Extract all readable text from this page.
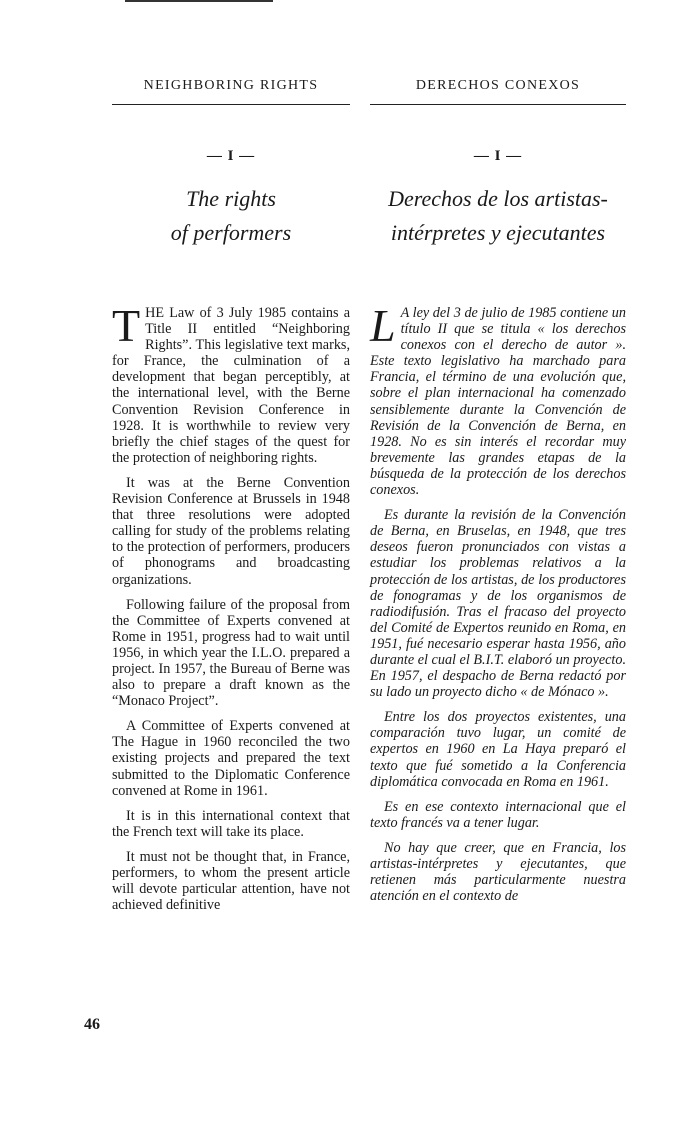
NEIGHBORING RIGHTS
— I —
The rights
of performers

THE Law of 3 July 1985 contains a Title II entitled “Neighboring Rights”. This legislative text marks, for France, the culmination of a development that began perceptibly, at the international level, with the Berne Convention Revision Conference in 1928. It is worthwhile to review very briefly the chief stages of the quest for the protection of neighboring rights.

It was at the Berne Convention Revision Conference at Brussels in 1948 that three resolutions were adopted calling for study of the problems relating to the protection of performers, producers of phonograms and broadcasting organizations.

Following failure of the proposal from the Committee of Experts convened at Rome in 1951, progress had to wait until 1956, in which year the I.L.O. prepared a project. In 1957, the Bureau of Berne was also to prepare a draft known as the “Monaco Project”.

A Committee of Experts convened at The Hague in 1960 reconciled the two existing projects and prepared the text submitted to the Diplomatic Conference convened at Rome in 1961.

It is in this international context that the French text will take its place.

It must not be thought that, in France, performers, to whom the present article will devote particular attention, have not achieved definitive

DERECHOS CONEXOS
— I —
Derechos de los artistas-
intérpretes y ejecutantes

L A ley del 3 de julio de 1985 contiene un título II que se titula « los derechos conexos con el derecho de autor ». Este texto legislativo ha marchado para Francia, el término de una evolución que, sobre el plan internacional ha comenzado sensiblemente durante la Convención de Revisión de la Convención de Berna, en 1928. No es sin interés el recordar muy brevemente las grandes etapas de la búsqueda de la protección de los derechos conexos.

Es durante la revisión de la Convención de Berna, en Bruselas, en 1948, que tres deseos fueron pronunciados con vistas a estudiar los problemas relativos a la protección de los artistas, de los productores de fonogramas y de los organismos de radiodifusión. Tras el fracaso del proyecto del Comité de Expertos reunido en Roma, en 1951, fué necesario esperar hasta 1956, año durante el cual el B.I.T. elaboró un proyecto. En 1957, el despacho de Berna redactó por su lado un proyecto dicho « de Mónaco ».

Entre los dos proyectos existentes, una comparación tuvo lugar, un comité de expertos en 1960 en La Haya preparó el texto que fué sometido a la Conferencia diplomática convocada en Roma en 1961.

Es en ese contexto internacional que el texto francés va a tener lugar.

No hay que creer, que en Francia, los artistas-intérpretes y ejecutantes, que retienen más particularmente nuestra atención en el contexto de

46
